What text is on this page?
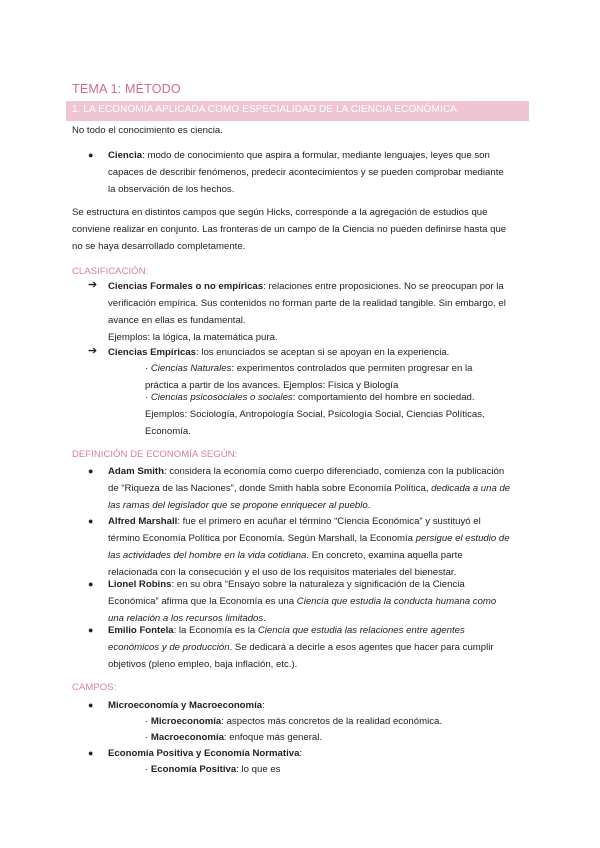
TEMA 1: MÉTODO
1. LA ECONOMÍA APLICADA COMO ESPECIALIDAD DE LA CIENCIA ECONÓMICA
No todo el conocimiento es ciencia.
● Ciencia: modo de conocimiento que aspira a formular, mediante lenguajes, leyes que son
capaces de describir fenómenos, predecir acontecimientos y se pueden comprobar mediante
la observación de los hechos.
Se estructura en distintos campos que según Hicks, corresponde a la agregación de estudios que
conviene realizar en conjunto. Las fronteras de un campo de la Ciencia no pueden definirse hasta que
no se haya desarrollado completamente.
CLASIFICACIÓN:
➔ Ciencias Formales o no empíricas: relaciones entre proposiciones. No se preocupan por la
verificación empírica. Sus contenidos no forman parte de la realidad tangible. Sin embargo, el
avance en ellas es fundamental.
Ejemplos: la lógica, la matemática pura.
➔ Ciencias Empíricas: los enunciados se aceptan si se apoyan en la experiencia.
· Ciencias Naturales: experimentos controlados que permiten progresar en la
práctica a partir de los avances. Ejemplos: Física y Biología
· Ciencias psicosociales o sociales: comportamiento del hombre en sociedad.
Ejemplos: Sociología, Antropología Social, Psicología Social, Ciencias Políticas,
Economía.
DEFINICIÓN DE ECONOMÍA SEGÚN:
● Adam Smith: considera la economía como cuerpo diferenciado, comienza con la publicación
de “Riqueza de las Naciones”, donde Smith habla sobre Economía Política, dedicada a una de
las ramas del legislador que se propone enriquecer al pueblo.
● Alfred Marshall: fue el primero en acuñar el término “Ciencia Económica” y sustituyó el
término Economía Política por Economía. Según Marshall, la Economía persigue el estudio de
las actividades del hombre en la vida cotidiana. En concreto, examina aquella parte
relacionada con la consecución y el uso de los requisitos materiales del bienestar.
● Lionel Robins: en su obra “Ensayo sobre la naturaleza y significación de la Ciencia
Económica” afirma que la Economía es una Ciencia que estudia la conducta humana como
una relación a los recursos limitados.
● Emilio Fontela: la Economía es la Ciencia que estudia las relaciones entre agentes
económicos y de producción. Se dedicará a decirle a esos agentes que hacer para cumplir
objetivos (pleno empleo, baja inflación, etc.).
CAMPOS:
● Microeconomía y Macroeconomía:
· Microeconomía: aspectos más concretos de la realidad económica.
· Macroeconomía: enfoque más general.
● Economía Positiva y Economía Normativa:
· Economía Positiva: lo que es
